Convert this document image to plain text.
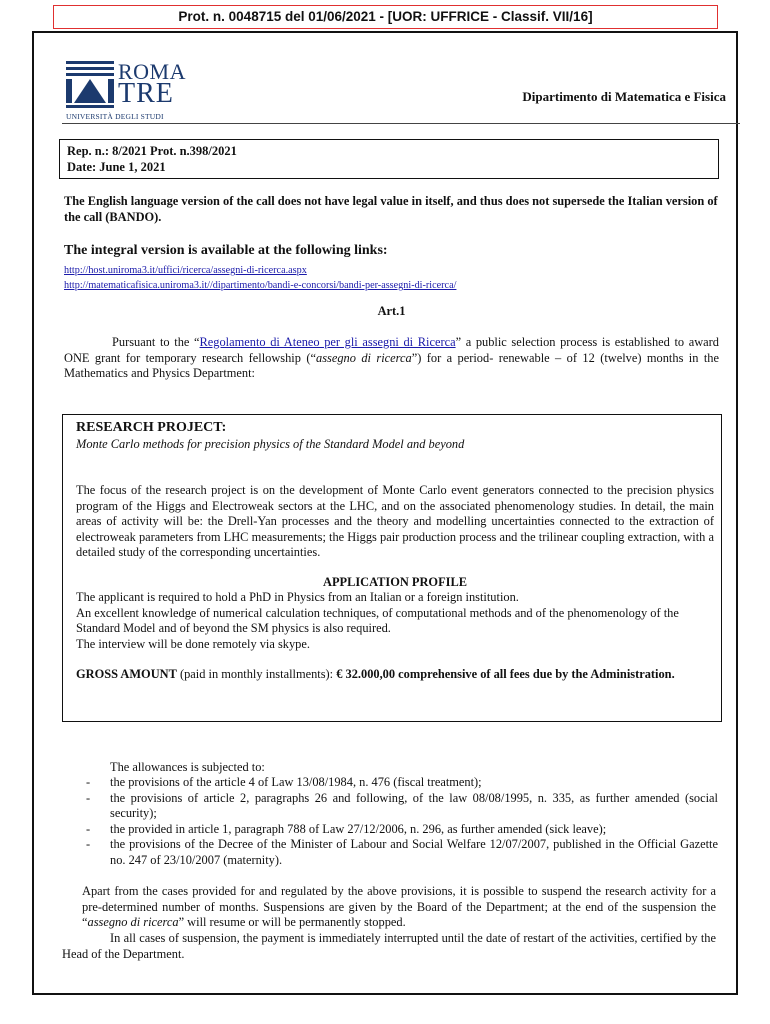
Prot. n. 0048715 del 01/06/2021 - [UOR: UFFRICE - Classif. VII/16]
ROMA
TRE
UNIVERSITÀ DEGLI STUDI
Dipartimento di Matematica e Fisica
Rep. n.: 8/2021 Prot. n.398/2021
Date: June 1, 2021
The English language version of the call does not have legal value in itself, and thus does not supersede the Italian version of the call (BANDO).
The integral version is available at the following links:
http://host.uniroma3.it/uffici/ricerca/assegni-di-ricerca.aspx
http://matematicafisica.uniroma3.it//dipartimento/bandi-e-concorsi/bandi-per-assegni-di-ricerca/
Art.1
Pursuant to the “Regolamento di Ateneo per gli assegni di Ricerca” a public selection process is established to award ONE grant for temporary research fellowship (“assegno di ricerca”) for a period- renewable – of 12 (twelve) months in the Mathematics and Physics Department:
RESEARCH PROJECT:
Monte Carlo methods for precision physics of the Standard Model and beyond
The focus of the research project is on the development of Monte Carlo event generators connected to the precision physics program of the Higgs and Electroweak sectors at the LHC, and on the associated phenomenology studies. In detail, the main areas of activity will be: the Drell-Yan processes and the theory and modelling uncertainties connected to the extraction of electroweak parameters from LHC measurements; the Higgs pair production process and the trilinear coupling extraction, with a detailed study of the corresponding uncertainties.
APPLICATION PROFILE
The applicant is required to hold a PhD in Physics from an Italian or a foreign institution.
An excellent knowledge of numerical calculation techniques, of computational methods and of the phenomenology of the Standard Model and of beyond the SM physics is also required.
The interview will be done remotely via skype.
GROSS AMOUNT (paid in monthly installments): € 32.000,00 comprehensive of all fees due by the Administration.
The allowances is subjected to:
- the provisions of the article 4 of Law 13/08/1984, n. 476 (fiscal treatment);
- the provisions of article 2, paragraphs 26 and following, of the law 08/08/1995, n. 335, as further amended (social security);
- the provided in article 1, paragraph 788 of Law 27/12/2006, n. 296, as further amended (sick leave);
- the provisions of the Decree of the Minister of Labour and Social Welfare 12/07/2007, published in the Official Gazette no. 247 of 23/10/2007 (maternity).
Apart from the cases provided for and regulated by the above provisions, it is possible to suspend the research activity for a pre-determined number of months. Suspensions are given by the Board of the Department; at the end of the suspension the “assegno di ricerca” will resume or will be permanently stopped.
In all cases of suspension, the payment is immediately interrupted until the date of restart of the activities, certified by the Head of the Department.
